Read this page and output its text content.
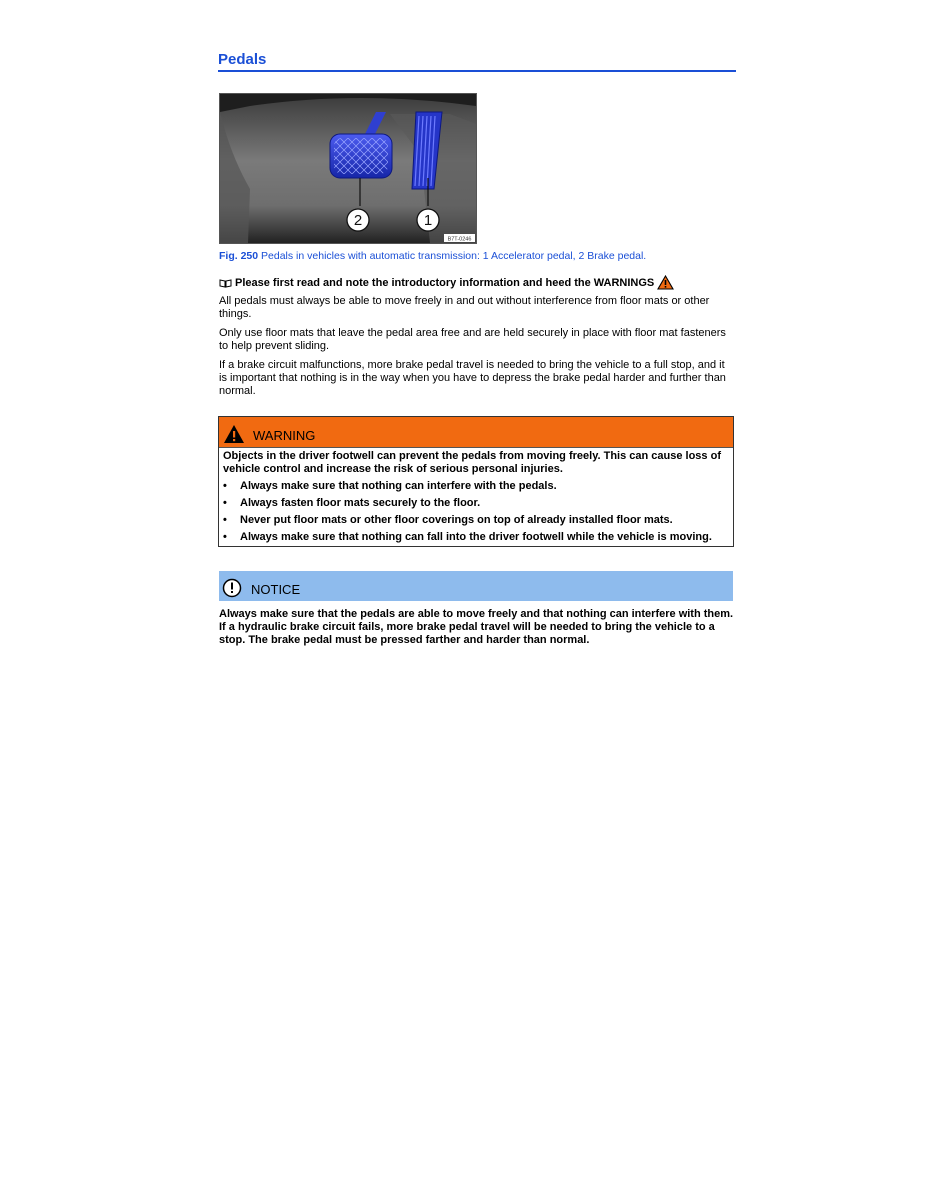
Pedals
2	1
B7T-0246
Fig. 250 Pedals in vehicles with automatic transmission: 1 Accelerator pedal, 2 Brake pedal.
Please first read and note the introductory information and heed the WARNINGS
All pedals must always be able to move freely in and out without interference from floor mats or other things.
Only use floor mats that leave the pedal area free and are held securely in place with floor mat fasteners to help prevent sliding.
If a brake circuit malfunctions, more brake pedal travel is needed to bring the vehicle to a full stop, and it is important that nothing is in the way when you have to depress the brake pedal harder and further than normal.
WARNING
Objects in the driver footwell can prevent the pedals from moving freely. This can cause loss of vehicle control and increase the risk of serious personal injuries.
•	Always make sure that nothing can interfere with the pedals.
•	Always fasten floor mats securely to the floor.
•	Never put floor mats or other floor coverings on top of already installed floor mats.
•	Always make sure that nothing can fall into the driver footwell while the vehicle is moving.
NOTICE
Always make sure that the pedals are able to move freely and that nothing can interfere with them. If a hydraulic brake circuit fails, more brake pedal travel will be needed to bring the vehicle to a stop. The brake pedal must be pressed farther and harder than normal.
